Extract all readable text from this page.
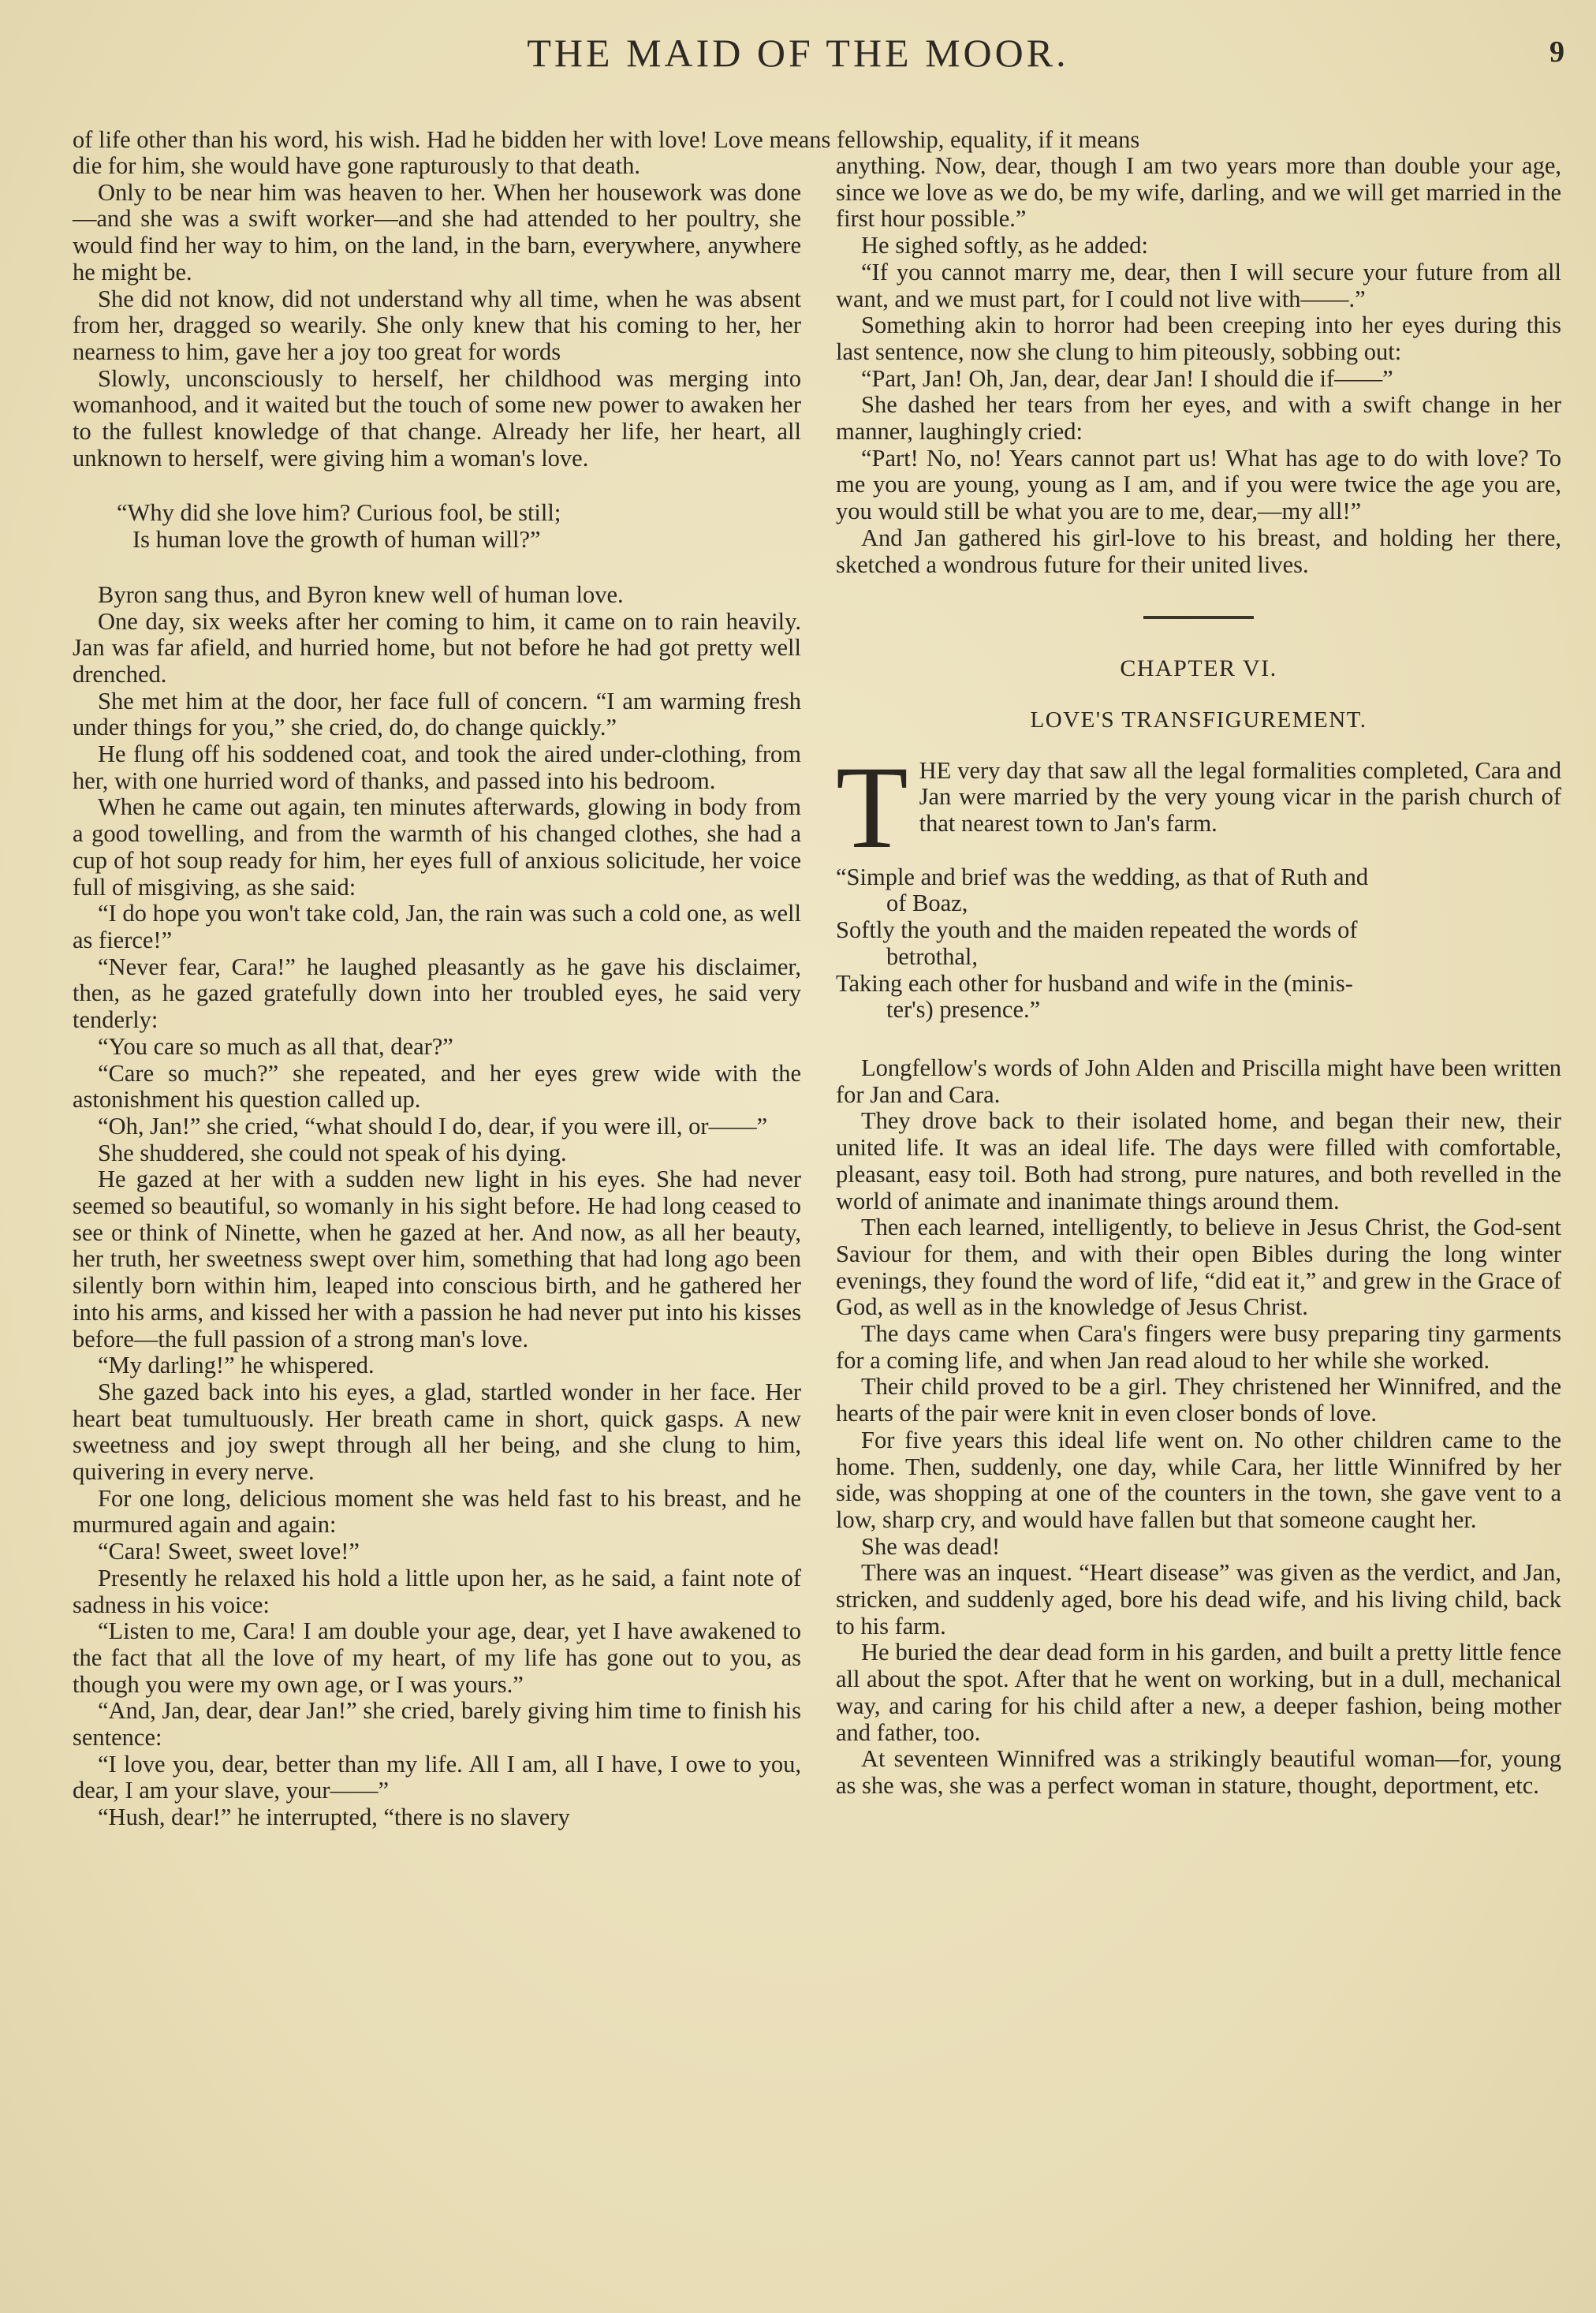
THE MAID OF THE MOOR.	9
of life other than his word, his wish. Had he bidden her with love! Love means fellowship, equality, if it means

die for him, she would have gone rapturously to that death.

Only to be near him was heaven to her. When her housework was done—and she was a swift worker—and she had attended to her poultry, she would find her way to him, on the land, in the barn, everywhere, anywhere he might be.

She did not know, did not understand why all time, when he was absent from her, dragged so wearily. She only knew that his coming to her, her nearness to him, gave her a joy too great for words

Slowly, unconsciously to herself, her childhood was merging into womanhood, and it waited but the touch of some new power to awaken her to the fullest knowledge of that change. Already her life, her heart, all unknown to herself, were giving him a woman's love.

“Why did she love him? Curious fool, be still;
Is human love the growth of human will?”

Byron sang thus, and Byron knew well of human love.

One day, six weeks after her coming to him, it came on to rain heavily. Jan was far afield, and hurried home, but not before he had got pretty well drenched.

She met him at the door, her face full of concern. “I am warming fresh under things for you,” she cried, do, do change quickly.”

He flung off his soddened coat, and took the aired under-clothing, from her, with one hurried word of thanks, and passed into his bedroom.

When he came out again, ten minutes afterwards, glowing in body from a good towelling, and from the warmth of his changed clothes, she had a cup of hot soup ready for him, her eyes full of anxious solicitude, her voice full of misgiving, as she said:

“I do hope you won't take cold, Jan, the rain was such a cold one, as well as fierce!”

“Never fear, Cara!” he laughed pleasantly as he gave his disclaimer, then, as he gazed gratefully down into her troubled eyes, he said very tenderly:

“You care so much as all that, dear?”

“Care so much?” she repeated, and her eyes grew wide with the astonishment his question called up.

“Oh, Jan!” she cried, “what should I do, dear, if you were ill, or——”

She shuddered, she could not speak of his dying.

He gazed at her with a sudden new light in his eyes. She had never seemed so beautiful, so womanly in his sight before. He had long ceased to see or think of Ninette, when he gazed at her. And now, as all her beauty, her truth, her sweetness swept over him, something that had long ago been silently born within him, leaped into conscious birth, and he gathered her into his arms, and kissed her with a passion he had never put into his kisses before—the full passion of a strong man's love.

“My darling!” he whispered.

She gazed back into his eyes, a glad, startled wonder in her face. Her heart beat tumultuously. Her breath came in short, quick gasps. A new sweetness and joy swept through all her being, and she clung to him, quivering in every nerve.

For one long, delicious moment she was held fast to his breast, and he murmured again and again:

“Cara! Sweet, sweet love!”

Presently he relaxed his hold a little upon her, as he said, a faint note of sadness in his voice:

“Listen to me, Cara! I am double your age, dear, yet I have awakened to the fact that all the love of my heart, of my life has gone out to you, as though you were my own age, or I was yours.”

“And, Jan, dear, dear Jan!” she cried, barely giving him time to finish his sentence:

“I love you, dear, better than my life. All I am, all I have, I owe to you, dear, I am your slave, your——”

“Hush, dear!” he interrupted, “there is no slavery

anything. Now, dear, though I am two years more than double your age, since we love as we do, be my wife, darling, and we will get married in the first hour possible.”

He sighed softly, as he added:

“If you cannot marry me, dear, then I will secure your future from all want, and we must part, for I could not live with——.”

Something akin to horror had been creeping into her eyes during this last sentence, now she clung to him piteously, sobbing out:

“Part, Jan! Oh, Jan, dear, dear Jan! I should die if——”

She dashed her tears from her eyes, and with a swift change in her manner, laughingly cried:

“Part! No, no! Years cannot part us! What has age to do with love? To me you are young, young as I am, and if you were twice the age you are, you would still be what you are to me, dear,—my all!”

And Jan gathered his girl-love to his breast, and holding her there, sketched a wondrous future for their united lives.

CHAPTER VI.
LOVE'S TRANSFIGUREMENT.

THE very day that saw all the legal formalities completed, Cara and Jan were married by the very young vicar in the parish church of that nearest town to Jan's farm.

“Simple and brief was the wedding, as that of Ruth and
of Boaz,
Softly the youth and the maiden repeated the words of
betrothal,
Taking each other for husband and wife in the (minis-
ter's) presence.”

Longfellow's words of John Alden and Priscilla might have been written for Jan and Cara.

They drove back to their isolated home, and began their new, their united life. It was an ideal life. The days were filled with comfortable, pleasant, easy toil. Both had strong, pure natures, and both revelled in the world of animate and inanimate things around them.

Then each learned, intelligently, to believe in Jesus Christ, the God-sent Saviour for them, and with their open Bibles during the long winter evenings, they found the word of life, “did eat it,” and grew in the Grace of God, as well as in the knowledge of Jesus Christ.

The days came when Cara's fingers were busy preparing tiny garments for a coming life, and when Jan read aloud to her while she worked.

Their child proved to be a girl. They christened her Winnifred, and the hearts of the pair were knit in even closer bonds of love.

For five years this ideal life went on. No other children came to the home. Then, suddenly, one day, while Cara, her little Winnifred by her side, was shopping at one of the counters in the town, she gave vent to a low, sharp cry, and would have fallen but that someone caught her.

She was dead!

There was an inquest. “Heart disease” was given as the verdict, and Jan, stricken, and suddenly aged, bore his dead wife, and his living child, back to his farm.

He buried the dear dead form in his garden, and built a pretty little fence all about the spot. After that he went on working, but in a dull, mechanical way, and caring for his child after a new, a deeper fashion, being mother and father, too.

At seventeen Winnifred was a strikingly beautiful woman—for, young as she was, she was a perfect woman in stature, thought, deportment, etc.
